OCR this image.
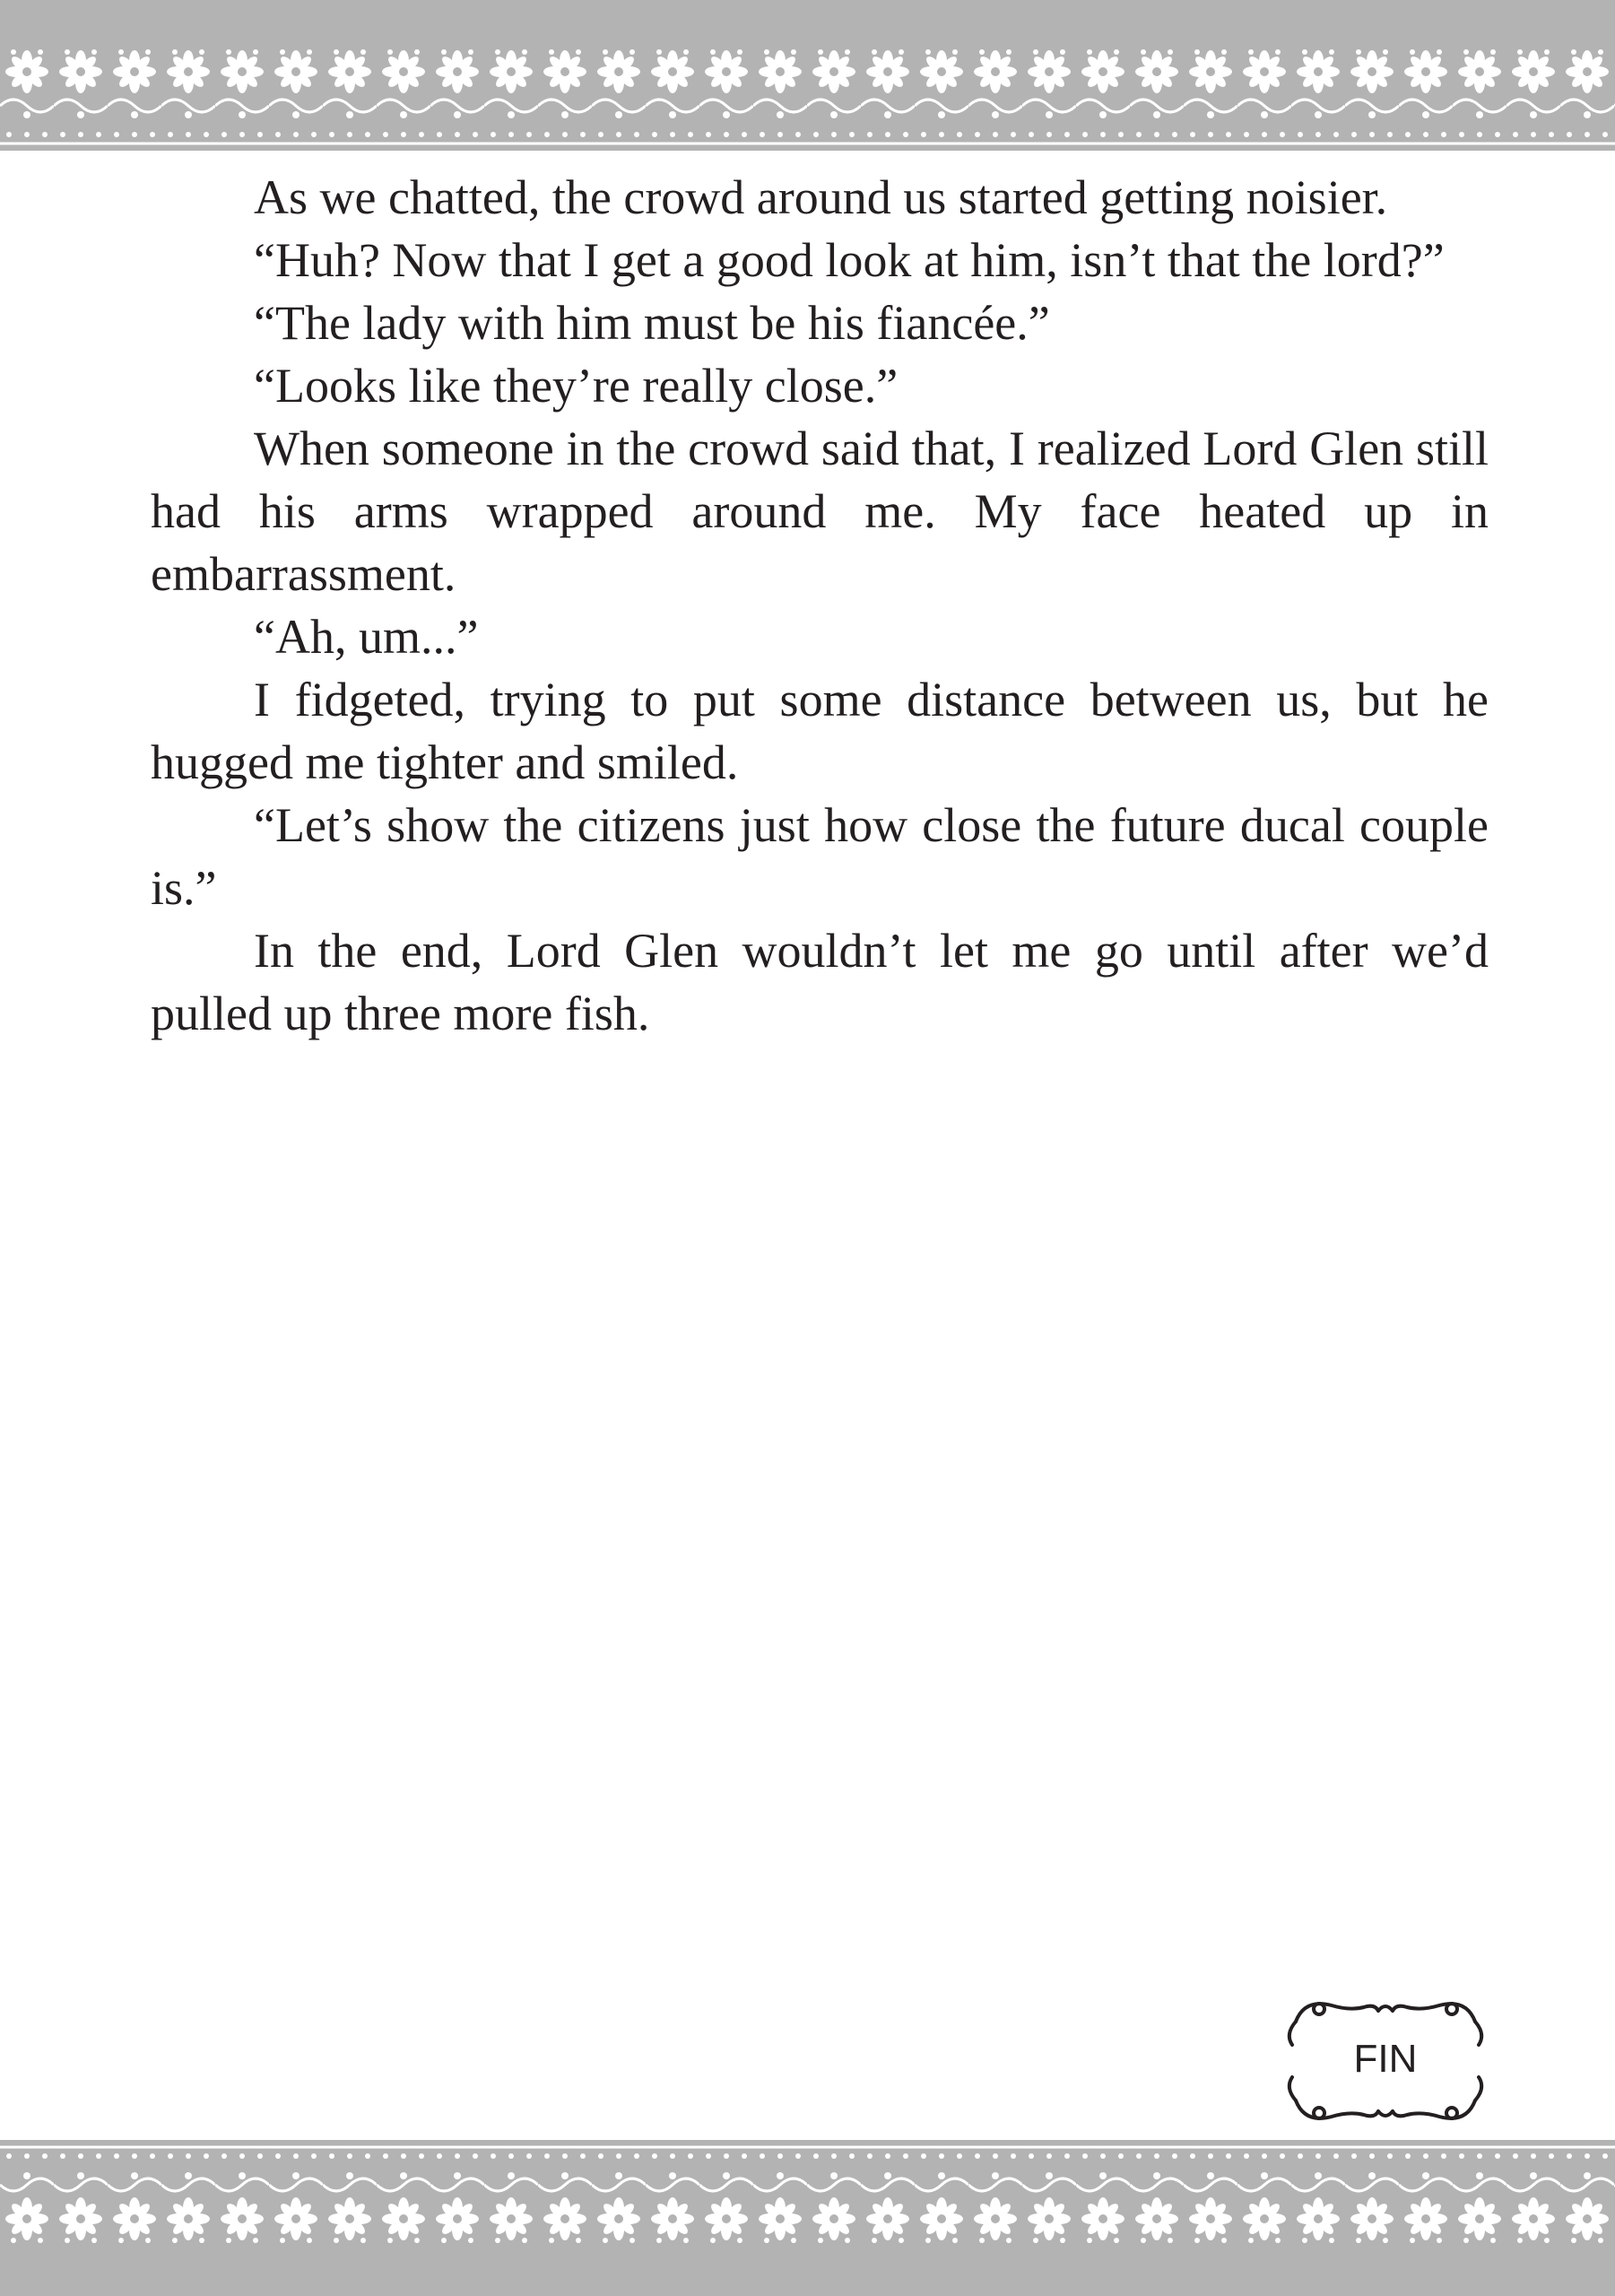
As we chatted, the crowd around us started getting noisier.

“Huh? Now that I get a good look at him, isn’t that the lord?”

“The lady with him must be his fiancée.”

“Looks like they’re really close.”

When someone in the crowd said that, I realized Lord Glen still had his arms wrapped around me. My face heated up in embarrassment.

“Ah, um...”

I fidgeted, trying to put some distance between us, but he hugged me tighter and smiled.

“Let’s show the citizens just how close the future ducal couple is.”

In the end, Lord Glen wouldn’t let me go until after we’d pulled up three more fish.

FIN
